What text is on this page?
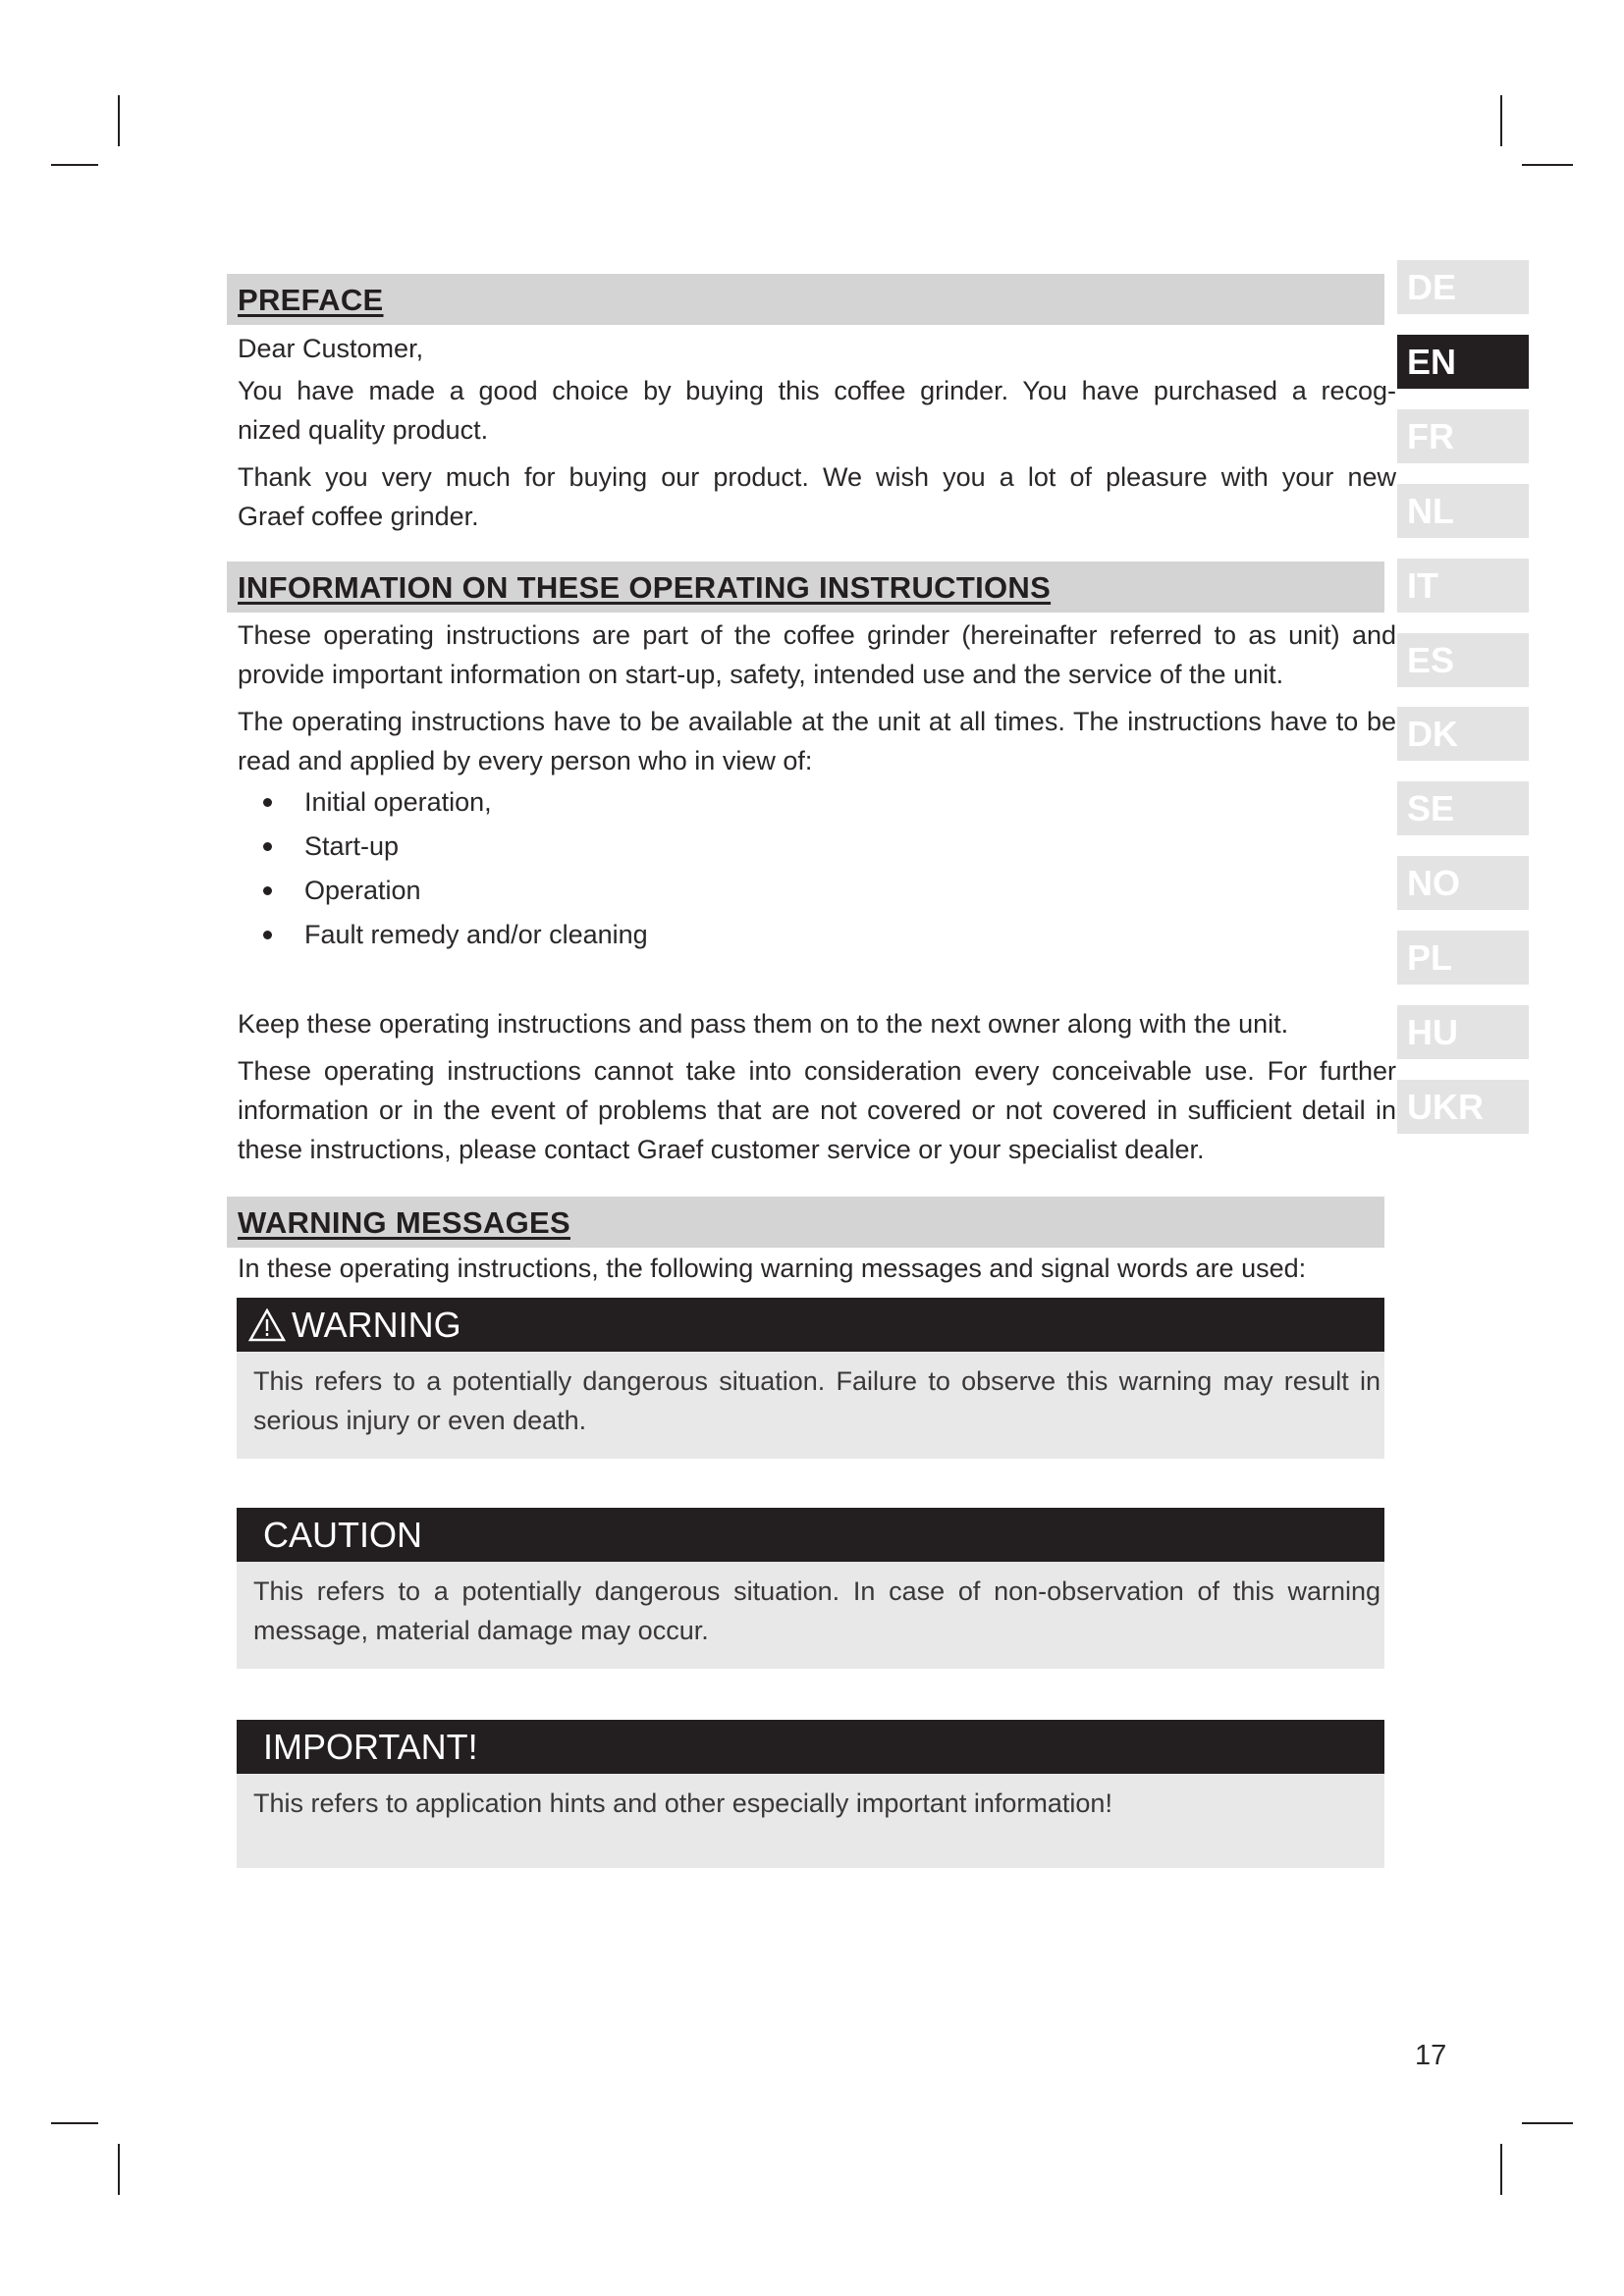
DE
EN
FR
NL
IT
ES
DK
SE
NO
PL
HU
UKR
PREFACE
Dear Customer,
You have made a good choice by buying this coffee grinder. You have purchased a recog-
nized quality product.
Thank you very much for buying our product. We wish you a lot of pleasure with your new
Graef coffee grinder.
INFORMATION ON THESE OPERATING INSTRUCTIONS
These operating instructions are part of the coffee grinder (hereinafter referred to as unit) and
provide important information on start-up, safety, intended use and the service of the unit.
The operating instructions have to be available at the unit at all times. The instructions have to be
read and applied by every person who in view of:
Initial operation,
Start-up
Operation
Fault remedy and/or cleaning
Keep these operating instructions and pass them on to the next owner along with the unit.
These operating instructions cannot take into consideration every conceivable use. For further
information or in the event of problems that are not covered or not covered in sufficient detail in
these instructions, please contact Graef customer service or your specialist dealer.
WARNING MESSAGES
In these operating instructions, the following warning messages and signal words are used:
WARNING
This refers to a potentially dangerous situation. Failure to observe this warning may result in
serious injury or even death.
CAUTION
This refers to a potentially dangerous situation. In case of non-observation of this warning
message, material damage may occur.
IMPORTANT!
This refers to application hints and other especially important information!
17
